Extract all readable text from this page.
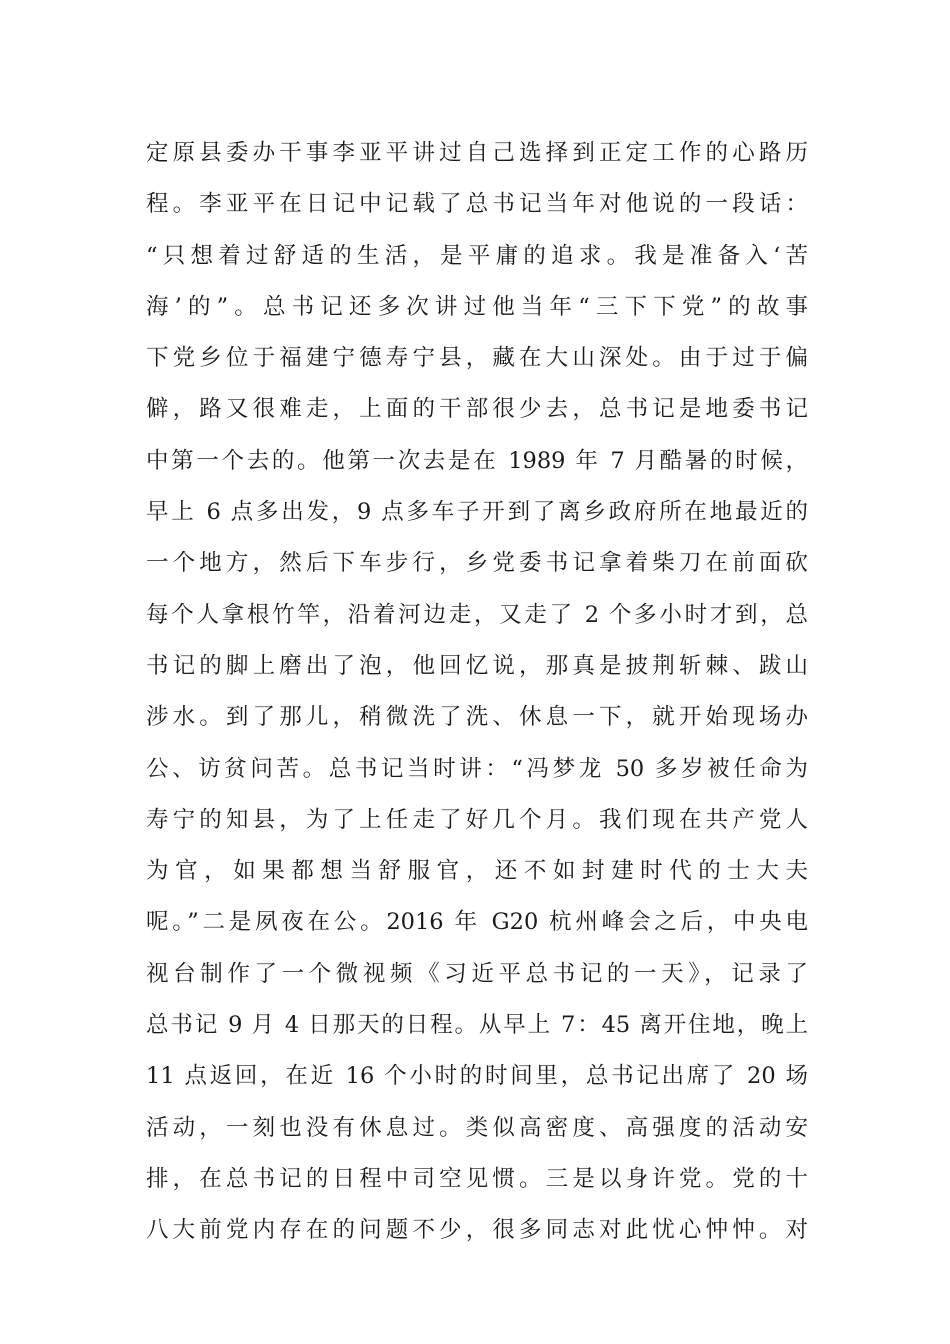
定原县委办干事李亚平讲过自己选择到正定工作的心路历
程。李亚平在日记中记载了总书记当年对他说的一段话：
“只想着过舒适的生活，是平庸的追求。我是准备入‘苦
海’的”。总书记还多次讲过他当年“三下下党”的故事
下党乡位于福建宁德寿宁县，藏在大山深处。由于过于偏
僻，路又很难走，上面的干部很少去，总书记是地委书记
中第一个去的。他第一次去是在 1989 年 7 月酷暑的时候，
早上 6 点多出发，9 点多车子开到了离乡政府所在地最近的
一个地方，然后下车步行，乡党委书记拿着柴刀在前面砍
每个人拿根竹竿，沿着河边走，又走了 2 个多小时才到，总
书记的脚上磨出了泡，他回忆说，那真是披荆斩棘、跋山
涉水。到了那儿，稍微洗了洗、休息一下，就开始现场办
公、访贫问苦。总书记当时讲：“冯梦龙 50 多岁被任命为
寿宁的知县，为了上任走了好几个月。我们现在共产党人
为官，如果都想当舒服官，还不如封建时代的士大夫
呢。”二是夙夜在公。2016 年 G20 杭州峰会之后，中央电
视台制作了一个微视频《习近平总书记的一天》，记录了
总书记 9 月 4 日那天的日程。从早上 7：45 离开住地，晚上
11 点返回，在近 16 个小时的时间里，总书记出席了 20 场
活动，一刻也没有休息过。类似高密度、高强度的活动安
排，在总书记的日程中司空见惯。三是以身许党。党的十
八大前党内存在的问题不少，很多同志对此忧心忡忡。对
